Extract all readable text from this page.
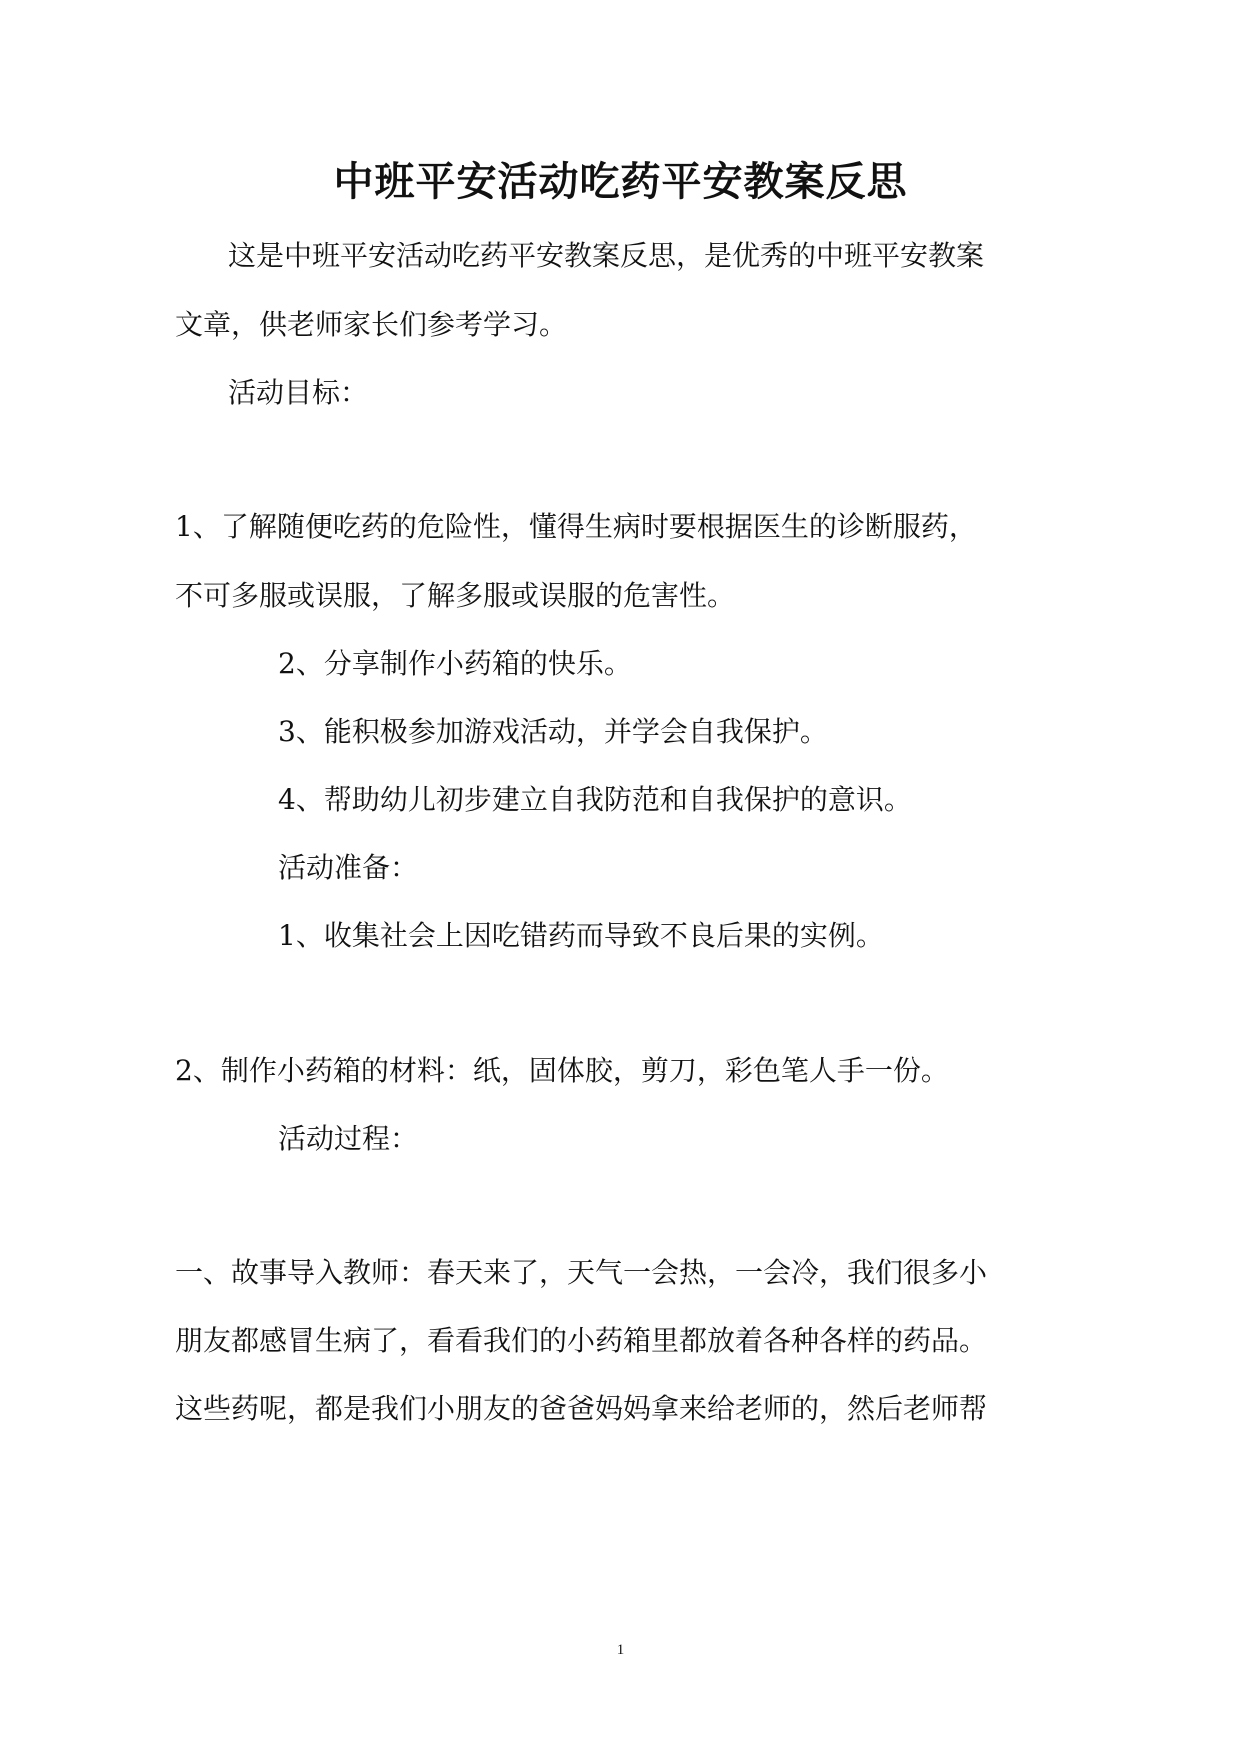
中班平安活动吃药平安教案反思
这是中班平安活动吃药平安教案反思，是优秀的中班平安教案
文章，供老师家长们参考学习。
活动目标：
1、了解随便吃药的危险性，懂得生病时要根据医生的诊断服药，
不可多服或误服，了解多服或误服的危害性。
2、分享制作小药箱的快乐。
3、能积极参加游戏活动，并学会自我保护。
4、帮助幼儿初步建立自我防范和自我保护的意识。
活动准备：
1、收集社会上因吃错药而导致不良后果的实例。
2、制作小药箱的材料：纸，固体胶，剪刀，彩色笔人手一份。
活动过程：
一、故事导入教师：春天来了，天气一会热，一会冷，我们很多小
朋友都感冒生病了，看看我们的小药箱里都放着各种各样的药品。
这些药呢，都是我们小朋友的爸爸妈妈拿来给老师的，然后老师帮
1
